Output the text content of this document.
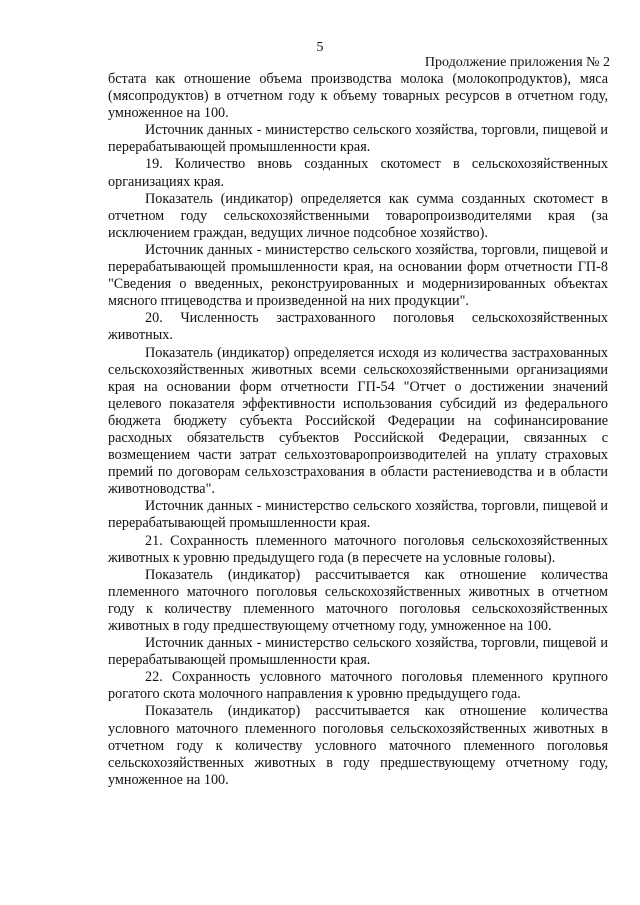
5
Продолжение приложения № 2

бстата как отношение объема производства молока (молокопродуктов), мяса (мясопродуктов) в отчетном году к объему товарных ресурсов в отчетном году, умноженное на 100.

Источник данных - министерство сельского хозяйства, торговли, пищевой и перерабатывающей промышленности края.

19. Количество вновь созданных скотомест в сельскохозяйственных организациях края.

Показатель (индикатор) определяется как сумма созданных скотомест в отчетном году сельскохозяйственными товаропроизводителями края (за исключением граждан, ведущих личное подсобное хозяйство).

Источник данных - министерство сельского хозяйства, торговли, пищевой и перерабатывающей промышленности края, на основании форм отчетности ГП-8 "Сведения о введенных, реконструированных и модернизированных объектах мясного птицеводства и произведенной на них продукции".

20. Численность застрахованного поголовья сельскохозяйственных животных.

Показатель (индикатор) определяется исходя из количества застрахованных сельскохозяйственных животных всеми сельскохозяйственными организациями края на основании форм отчетности ГП-54 "Отчет о достижении значений целевого показателя эффективности использования субсидий из федерального бюджета бюджету субъекта Российской Федерации на софинансирование расходных обязательств субъектов Российской Федерации, связанных с возмещением части затрат сельхозтоваропроизводителей на уплату страховых премий по договорам сельхозстрахования в области растениеводства и в области животноводства".

Источник данных - министерство сельского хозяйства, торговли, пищевой и перерабатывающей промышленности края.

21. Сохранность племенного маточного поголовья сельскохозяйственных животных к уровню предыдущего года (в пересчете на условные головы).

Показатель (индикатор) рассчитывается как отношение количества племенного маточного поголовья сельскохозяйственных животных в отчетном году к количеству племенного маточного поголовья сельскохозяйственных животных в году предшествующему отчетному году, умноженное на 100.

Источник данных - министерство сельского хозяйства, торговли, пищевой и перерабатывающей промышленности края.

22. Сохранность условного маточного поголовья племенного крупного рогатого скота молочного направления к уровню предыдущего года.

Показатель (индикатор) рассчитывается как отношение количества условного маточного племенного поголовья сельскохозяйственных животных в отчетном году к количеству условного маточного племенного поголовья сельскохозяйственных животных в году предшествующему отчетному году, умноженное на 100.
